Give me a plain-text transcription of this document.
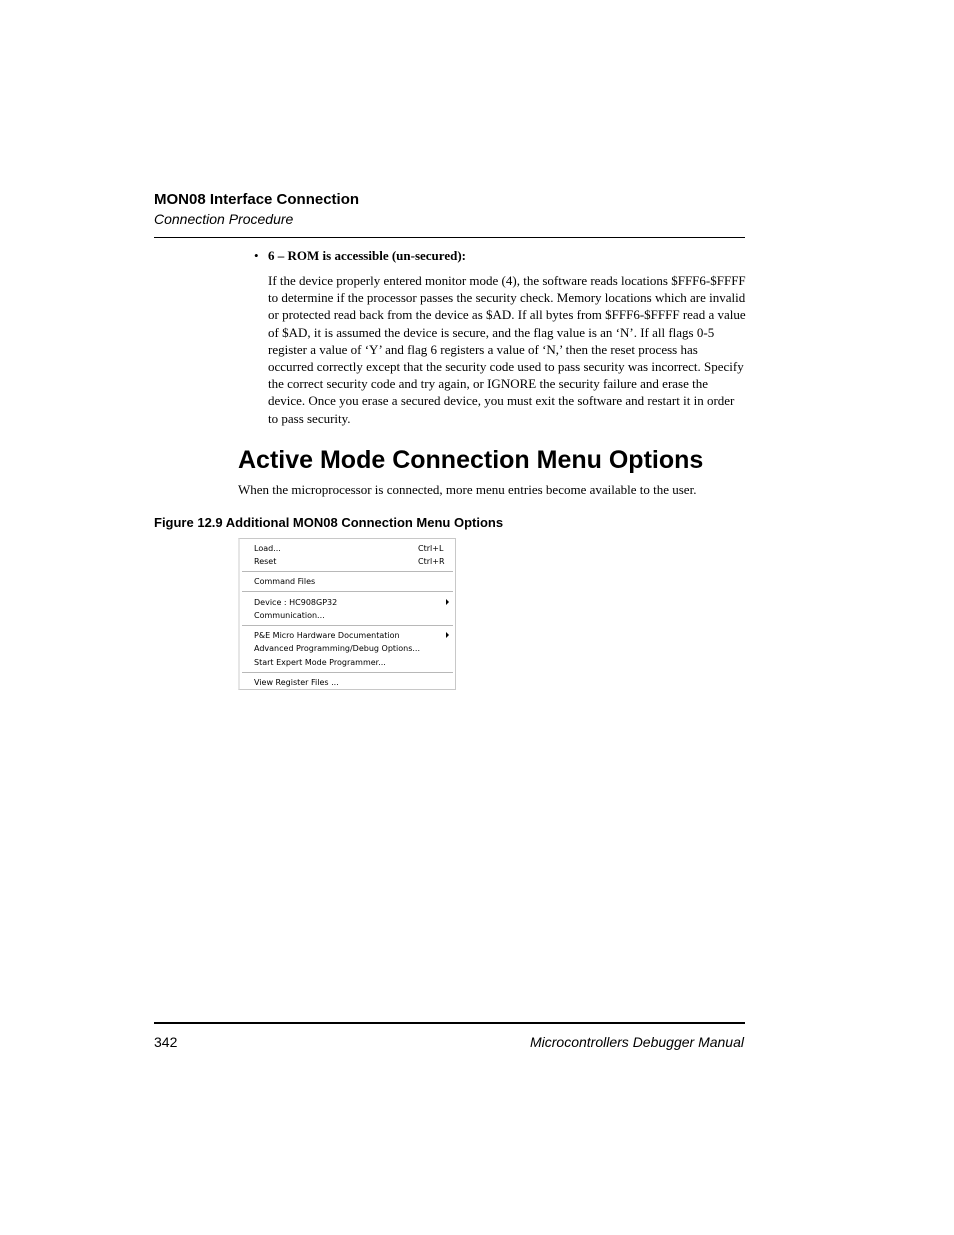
MON08 Interface Connection
Connection Procedure
• 6 – ROM is accessible (un-secured):

If the device properly entered monitor mode (4), the software reads locations $FFF6-$FFFF to determine if the processor passes the security check. Memory locations which are invalid or protected read back from the device as $AD. If all bytes from $FFF6-$FFFF read a value of $AD, it is assumed the device is secure, and the flag value is an ‘N’. If all flags 0-5 register a value of ‘Y’ and flag 6 registers a value of ‘N,’ then the reset process has occurred correctly except that the security code used to pass security was incorrect. Specify the correct security code and try again, or IGNORE the security failure and erase the device. Once you erase a secured device, you must exit the software and restart it in order to pass security.

Active Mode Connection Menu Options

When the microprocessor is connected, more menu entries become available to the user.

Figure 12.9 Additional MON08 Connection Menu Options
Load...	Ctrl+L
Reset	Ctrl+R
Command Files
Device : HC908GP32
Communication...
P&E Micro Hardware Documentation
Advanced Programming/Debug Options...
Start Expert Mode Programmer...
View Register Files ...
342	Microcontrollers Debugger Manual
